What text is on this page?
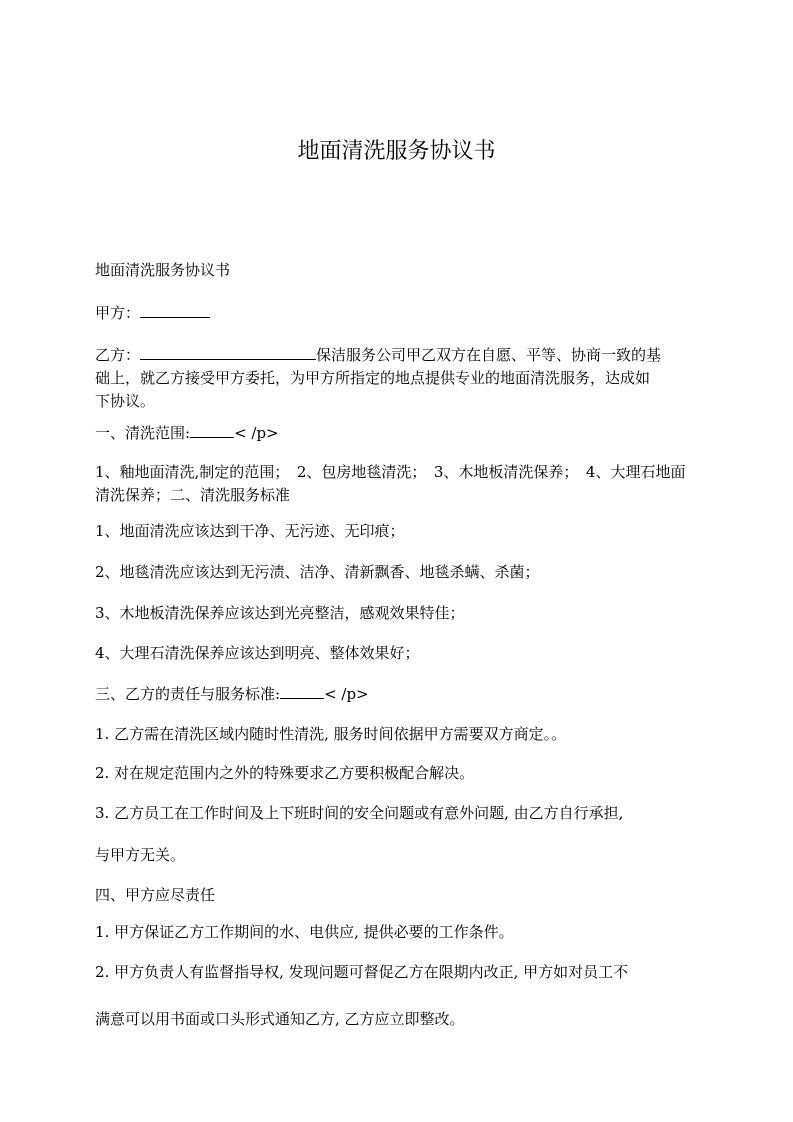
地面清洗服务协议书
地面清洗服务协议书
甲方：
乙方：	保洁服务公司甲乙双方在自愿、平等、协商一致的基
础上，就乙方接受甲方委托，为甲方所指定的地点提供专业的地面清洗服务，达成如
下协议。
一、清洗范围:	< /p>
1、釉地面清洗,制定的范围；　2、包房地毯清洗；　3、木地板清洗保养；　4、大理石地面
清洗保养；二、清洗服务标准
1、地面清洗应该达到干净、无污迹、无印痕；
2、地毯清洗应该达到无污渍、洁净、清新飘香、地毯杀螨、杀菌；
3、木地板清洗保养应该达到光亮整洁，感观效果特佳；
4、大理石清洗保养应该达到明亮、整体效果好；
三、乙方的责任与服务标准:	< /p>
1. 乙方需在清洗区域内随时性清洗, 服务时间依据甲方需要双方商定。。
2. 对在规定范围内之外的特殊要求乙方要积极配合解决。
3. 乙方员工在工作时间及上下班时间的安全问题或有意外问题, 由乙方自行承担,
与甲方无关。
四、甲方应尽责任
1. 甲方保证乙方工作期间的水、电供应, 提供必要的工作条件。
2. 甲方负责人有监督指导权, 发现问题可督促乙方在限期内改正, 甲方如对员工不
满意可以用书面或口头形式通知乙方, 乙方应立即整改。
